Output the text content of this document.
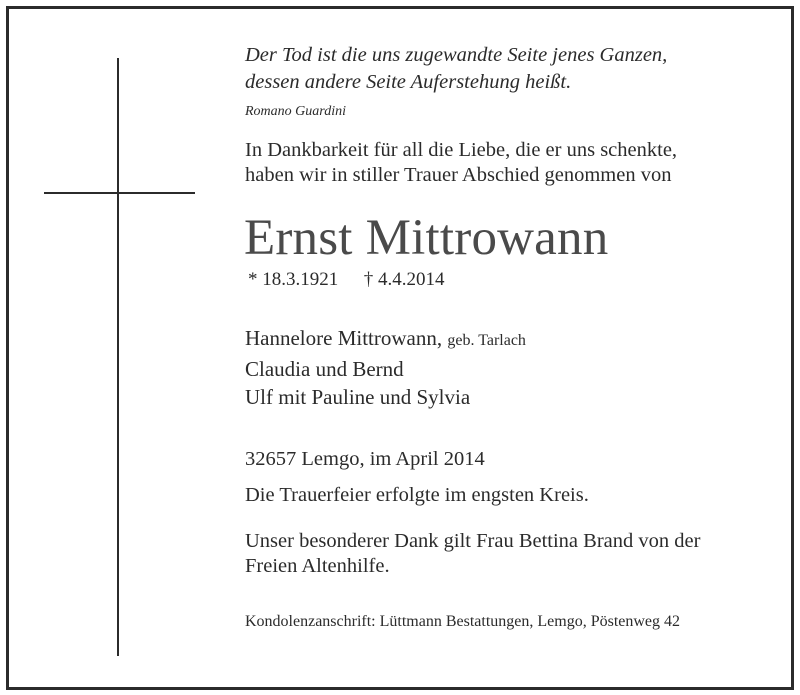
Der Tod ist die uns zugewandte Seite jenes Ganzen,

dessen andere Seite Auferstehung heißt.

Romano Guardini

In Dankbarkeit für all die Liebe, die er uns schenkte,

haben wir in stiller Trauer Abschied genommen von

Ernst Mittrowann
* 18.3.1921 † 4.4.2014

Hannelore Mittrowann, geb. Tarlach

Claudia und Bernd

Ulf mit Pauline und Sylvia

32657 Lemgo, im April 2014

Die Trauerfeier erfolgte im engsten Kreis.

Unser besonderer Dank gilt Frau Bettina Brand von der

Freien Altenhilfe.

Kondolenzanschrift: Lüttmann Bestattungen, Lemgo, Pöstenweg 42
